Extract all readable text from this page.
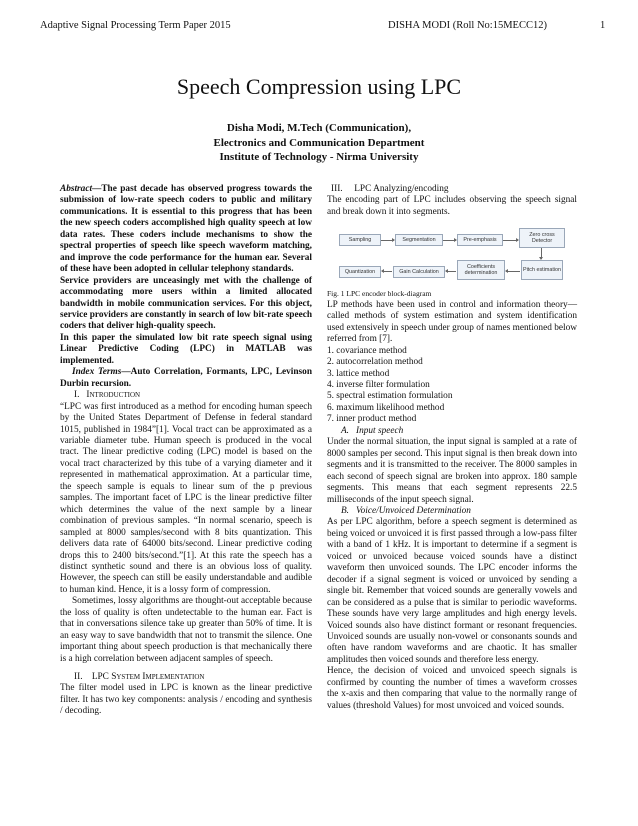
Adaptive Signal Processing Term Paper 2015	DISHA MODI (Roll No:15MECC12)	1
Speech Compression using LPC
Disha Modi, M.Tech (Communication),
Electronics and Communication Department
Institute of Technology - Nirma University

Abstract—The past decade has observed progress towards the submission of low-rate speech coders to public and military communications. It is essential to this progress that has been the new speech coders accomplished high quality speech at low data rates. These coders include mechanisms to show the spectral properties of speech like speech waveform matching, and improve the code performance for the human ear. Several of these have been adopted in cellular telephony standards.

Service providers are unceasingly met with the challenge of accommodating more users within a limited allocated bandwidth in mobile communication services. For this object, service providers are constantly in search of low bit-rate speech coders that deliver high-quality speech.

In this paper the simulated low bit rate speech signal using Linear Predictive Coding (LPC) in MATLAB was implemented.

Index Terms—Auto Correlation, Formants, LPC, Levinson Durbin recursion.

I. Introduction

“LPC was first introduced as a method for encoding human speech by the United States Department of Defense in federal standard 1015, published in 1984”[1]. Vocal tract can be approximated as a variable diameter tube. Human speech is produced in the vocal tract. The linear predictive coding (LPC) model is based on the vocal tract characterized by this tube of a varying diameter and it represented in mathematical approximation. At a particular time, the speech sample is equals to linear sum of the p previous samples. The important facet of LPC is the linear predictive filter which determines the value of the next sample by a linear combination of previous samples. “In normal scenario, speech is sampled at 8000 samples/second with 8 bits quantization. This delivers data rate of 64000 bits/second. Linear predictive coding drops this to 2400 bits/second.”[1]. At this rate the speech has a distinct synthetic sound and there is an obvious loss of quality. However, the speech can still be easily understandable and audible to human kind. Hence, it is a lossy form of compression.

Sometimes, lossy algorithms are thought-out acceptable because the loss of quality is often undetectable to the human ear. Fact is that in conversations silence take up greater than 50% of time. It is an easy way to save bandwidth that not to transmit the silence. One important thing about speech production is that mechanically there is a high correlation between adjacent samples of speech.

II. LPC System Implementation

The filter model used in LPC is known as the linear predictive filter. It has two key components: analysis / encoding and synthesis / decoding.

III. LPC Analyzing/encoding

The encoding part of LPC includes observing the speech signal and break down it into segments.

Sampling	Segmentation	Pre-emphasis
Zero cross Detector
Quantization	Gain Calculation
Coefficients determination	Pitch estimation

Fig. 1 LPC encoder block-diagram

LP methods have been used in control and information theory—called methods of system estimation and system identification used extensively in speech under group of names mentioned below referred from [7].

1. covariance method
2. autocorrelation method
3. lattice method
4. inverse filter formulation
5. spectral estimation formulation
6. maximum likelihood method
7. inner product method

A. Input speech

Under the normal situation, the input signal is sampled at a rate of 8000 samples per second. This input signal is then break down into segments and it is transmitted to the receiver. The 8000 samples in each second of speech signal are broken into approx. 180 sample segments. This means that each segment represents 22.5 milliseconds of the input speech signal.

B. Voice/Unvoiced Determination

As per LPC algorithm, before a speech segment is determined as being voiced or unvoiced it is first passed through a low-pass filter with a band of 1 kHz. It is important to determine if a segment is voiced or unvoiced because voiced sounds have a distinct waveform then unvoiced sounds. The LPC encoder informs the decoder if a signal segment is voiced or unvoiced by sending a single bit. Remember that voiced sounds are generally vowels and can be considered as a pulse that is similar to periodic waveforms. These sounds have very large amplitudes and high energy levels. Voiced sounds also have distinct formant or resonant frequencies. Unvoiced sounds are usually non-vowel or consonants sounds and often have random waveforms and are chaotic. It has smaller amplitudes then voiced sounds and therefore less energy.

Hence, the decision of voiced and unvoiced speech signals is confirmed by counting the number of times a waveform crosses the x-axis and then comparing that value to the normally range of values (threshold Values) for most unvoiced and voiced sounds.
